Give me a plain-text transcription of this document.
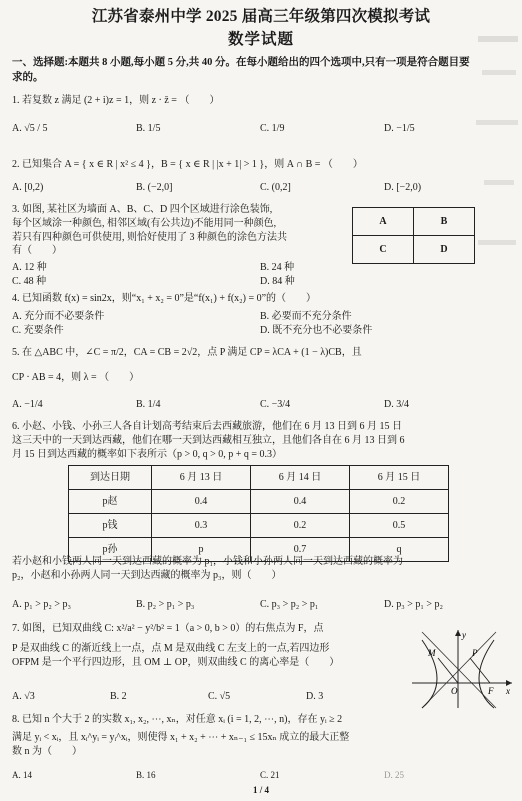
江苏省泰州中学 2025 届高三年级第四次模拟考试
数学试题
一、选择题:本题共 8 小题,每小题 5 分,共 40 分。在每小题给出的四个选项中,只有一项是符合题目要求的。
1. 若复数 z 满足 (2 + i)z = 1，则 z · z̄ = （　　）
A. √5 / 5	B. 1/5	C. 1/9	D. −1/5
2. 已知集合 A = { x ∈ R | x² ≤ 4 }，B = { x ∈ R | |x + 1| > 1 }，则 A ∩ B = （　　）
A. [0,2)	B. (−2,0]	C. (0,2]	D. [−2,0)
3. 如图, 某社区为墙面 A、B、C、D 四个区域进行涂色装饰,
每个区域涂一种颜色, 相邻区域(有公共边)不能用同一种颜色,
若只有四种颜色可供使用, 则恰好使用了 3 种颜色的涂色方法共
有（　　）
A	B
C	D
A. 12 种	B. 24 种
C. 48 种	D. 84 种
4. 已知函数 f(x) = sin2x，则“x₁ + x₂ = 0”是“f(x₁) + f(x₂) = 0”的（　　）
A. 充分而不必要条件	B. 必要而不充分条件
C. 充要条件	D. 既不充分也不必要条件
5. 在 △ABC 中，∠C = π/2，CA = CB = 2√2，点 P 满足 CP = λCA + (1 − λ)CB，且
CP · AB = 4，则 λ = （　　）
A. −1/4	B. 1/4	C. −3/4	D. 3/4
6. 小赵、小钱、小孙三人各自计划高考结束后去西藏旅游，他们在 6 月 13 日到 6 月 15 日
这三天中的一天到达西藏，他们在哪一天到达西藏相互独立，且他们各自在 6 月 13 日到 6
月 15 日到达西藏的概率如下表所示（p > 0, q > 0, p + q = 0.3）
到达日期	6 月 13 日	6 月 14 日	6 月 15 日
p赵	0.4	0.4	0.2
p钱	0.3	0.2	0.5
p孙	p	0.7	q
若小赵和小钱两人同一天到达西藏的概率为 p₁，小钱和小孙两人同一天到达西藏的概率为
p₂，小赵和小孙两人同一天到达西藏的概率为 p₃，则（　　）
A. p₁ > p₂ > p₃	B. p₂ > p₁ > p₃	C. p₃ > p₂ > p₁	D. p₃ > p₁ > p₂
7. 如图，已知双曲线 C: x²/a² − y²/b² = 1（a > 0, b > 0）的右焦点为 F，点
P 是双曲线 C 的渐近线上一点，点 M 是双曲线 C 左支上的一点,若四边形
OFPM 是一个平行四边形，且 OM ⊥ OP，则双曲线 C 的离心率是（　　）
A. √3	B. 2	C. √5	D. 3
y
M	P
O	F x
8. 已知 n 个大于 2 的实数 x₁, x₂, ⋯, xₙ，对任意 xᵢ (i = 1, 2, ⋯, n)，存在 yᵢ ≥ 2
满足 yᵢ < xᵢ，且 xᵢ^yᵢ = yᵢ^xᵢ，则使得 x₁ + x₂ + ⋯ + xₙ₋₁ ≤ 15xₙ 成立的最大正整
数 n 为（　　）
A. 14	B. 16	C. 21	D. 25
1 / 4
